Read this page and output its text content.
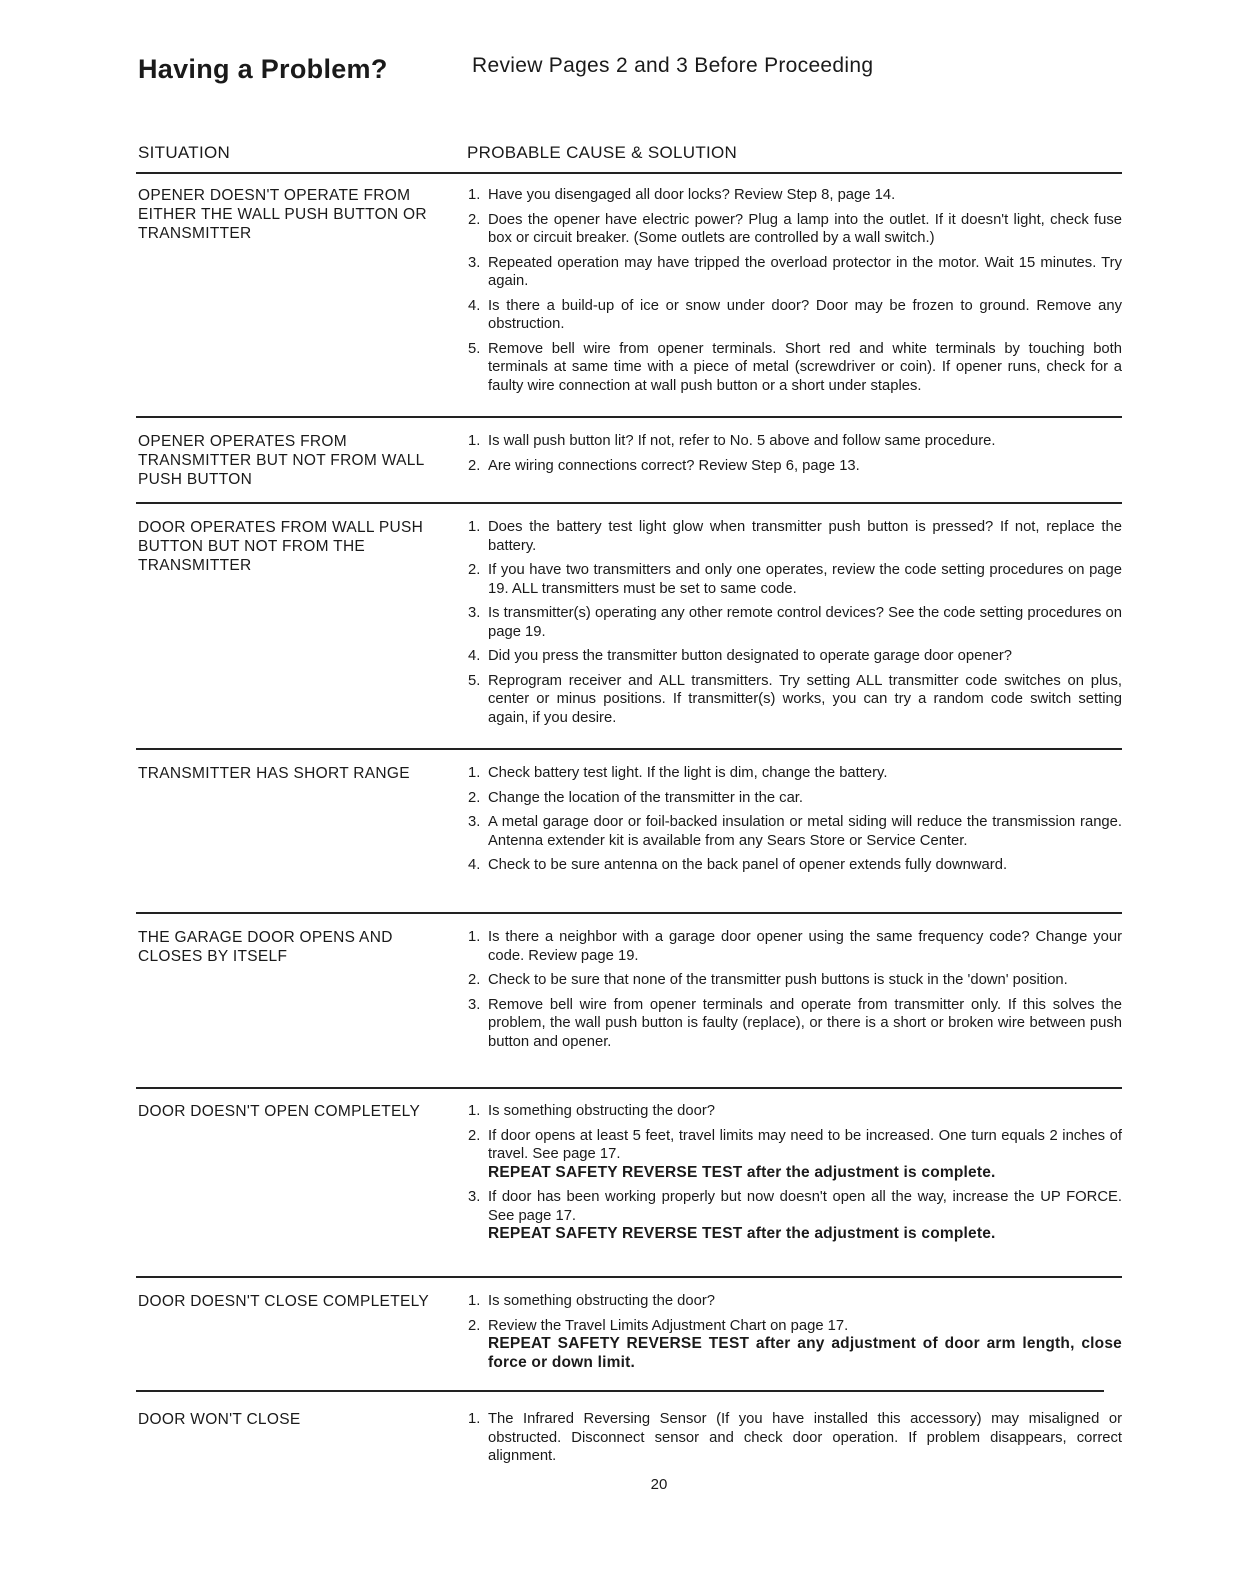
Having a Problem?	Review Pages 2 and 3 Before Proceeding
SITUATION	PROBABLE CAUSE & SOLUTION
OPENER DOESN'T OPERATE FROM EITHER THE WALL PUSH BUTTON OR TRANSMITTER
1. Have you disengaged all door locks? Review Step 8, page 14.
2. Does the opener have electric power? Plug a lamp into the outlet. If it doesn't light, check fuse box or circuit breaker. (Some outlets are controlled by a wall switch.)
3. Repeated operation may have tripped the overload protector in the motor. Wait 15 minutes. Try again.
4. Is there a build-up of ice or snow under door? Door may be frozen to ground. Remove any obstruction.
5. Remove bell wire from opener terminals. Short red and white terminals by touching both terminals at same time with a piece of metal (screwdriver or coin). If opener runs, check for a faulty wire connection at wall push button or a short under staples.
OPENER OPERATES FROM TRANSMITTER BUT NOT FROM WALL PUSH BUTTON
1. Is wall push button lit? If not, refer to No. 5 above and follow same procedure.
2. Are wiring connections correct? Review Step 6, page 13.
DOOR OPERATES FROM WALL PUSH BUTTON BUT NOT FROM THE TRANSMITTER
1. Does the battery test light glow when transmitter push button is pressed? If not, replace the battery.
2. If you have two transmitters and only one operates, review the code setting procedures on page 19. ALL transmitters must be set to same code.
3. Is transmitter(s) operating any other remote control devices? See the code setting procedures on page 19.
4. Did you press the transmitter button designated to operate garage door opener?
5. Reprogram receiver and ALL transmitters. Try setting ALL transmitter code switches on plus, center or minus positions. If transmitter(s) works, you can try a random code switch setting again, if you desire.
TRANSMITTER HAS SHORT RANGE	1. Check battery test light. If the light is dim, change the battery.
2. Change the location of the transmitter in the car.
3. A metal garage door or foil-backed insulation or metal siding will reduce the transmission range. Antenna extender kit is available from any Sears Store or Service Center.
4. Check to be sure antenna on the back panel of opener extends fully downward.
THE GARAGE DOOR OPENS AND CLOSES BY ITSELF
1. Is there a neighbor with a garage door opener using the same frequency code? Change your code. Review page 19.
2. Check to be sure that none of the transmitter push buttons is stuck in the 'down' position.
3. Remove bell wire from opener terminals and operate from transmitter only. If this solves the problem, the wall push button is faulty (replace), or there is a short or broken wire between push button and opener.
DOOR DOESN'T OPEN COMPLETELY	1. Is something obstructing the door?
2. If door opens at least 5 feet, travel limits may need to be increased. One turn equals 2 inches of travel. See page 17.
REPEAT SAFETY REVERSE TEST after the adjustment is complete.
3. If door has been working properly but now doesn't open all the way, increase the UP FORCE. See page 17.
REPEAT SAFETY REVERSE TEST after the adjustment is complete.
DOOR DOESN'T CLOSE COMPLETELY	1. Is something obstructing the door?
2. Review the Travel Limits Adjustment Chart on page 17.
REPEAT SAFETY REVERSE TEST after any adjustment of door arm length, close force or down limit.
DOOR WON'T CLOSE	1. The Infrared Reversing Sensor (If you have installed this accessory) may misaligned or obstructed. Disconnect sensor and check door operation. If problem disappears, correct alignment.
20
